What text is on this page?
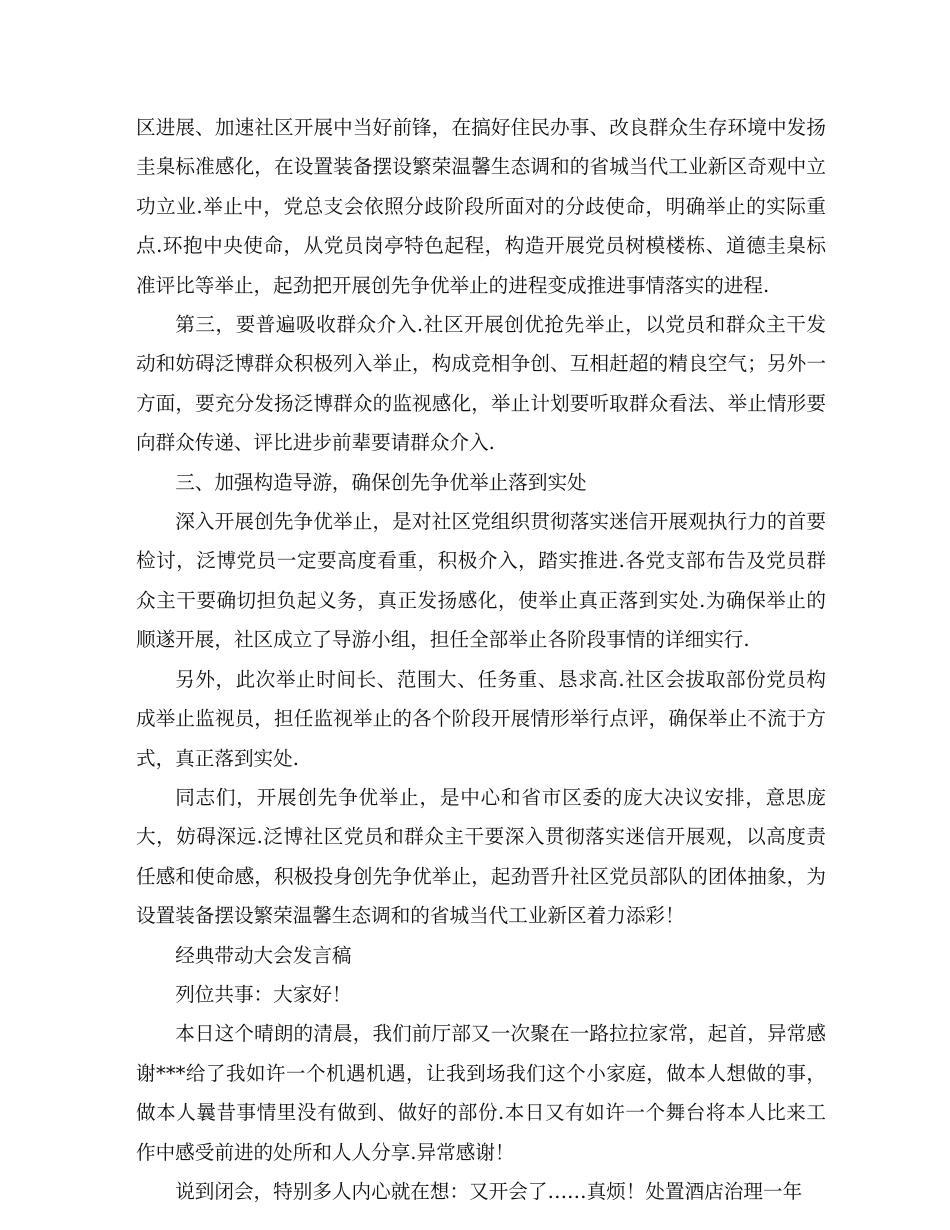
区进展、加速社区开展中当好前锋，在搞好住民办事、改良群众生存环境中发扬圭臬标准感化，在设置装备摆设繁荣温馨生态调和的省城当代工业新区奇观中立功立业.举止中，党总支会依照分歧阶段所面对的分歧使命，明确举止的实际重点.环抱中央使命，从党员岗亭特色起程，构造开展党员树模楼栋、道德圭臬标准评比等举止，起劲把开展创先争优举止的进程变成推进事情落实的进程.

第三，要普遍吸收群众介入.社区开展创优抢先举止，以党员和群众主干发动和妨碍泛博群众积极列入举止，构成竞相争创、互相赶超的精良空气；另外一方面，要充分发扬泛博群众的监视感化，举止计划要听取群众看法、举止情形要向群众传递、评比进步前辈要请群众介入.

三、加强构造导游，确保创先争优举止落到实处

深入开展创先争优举止，是对社区党组织贯彻落实迷信开展观执行力的首要检讨，泛博党员一定要高度看重，积极介入，踏实推进.各党支部布告及党员群众主干要确切担负起义务，真正发扬感化，使举止真正落到实处.为确保举止的顺遂开展，社区成立了导游小组，担任全部举止各阶段事情的详细实行.

另外，此次举止时间长、范围大、任务重、恳求高.社区会拔取部份党员构成举止监视员，担任监视举止的各个阶段开展情形举行点评，确保举止不流于方式，真正落到实处.

同志们，开展创先争优举止，是中心和省市区委的庞大决议安排，意思庞大，妨碍深远.泛博社区党员和群众主干要深入贯彻落实迷信开展观，以高度责任感和使命感，积极投身创先争优举止，起劲晋升社区党员部队的团体抽象，为设置装备摆设繁荣温馨生态调和的省城当代工业新区着力添彩！

经典带动大会发言稿

列位共事：大家好！

本日这个晴朗的清晨，我们前厅部又一次聚在一路拉拉家常，起首，异常感谢***给了我如许一个机遇机遇，让我到场我们这个小家庭，做本人想做的事，做本人曩昔事情里没有做到、做好的部份.本日又有如许一个舞台将本人比来工作中感受前进的处所和人人分享.异常感谢！

说到闭会，特别多人内心就在想：又开会了……真烦！处置酒店治理一年
